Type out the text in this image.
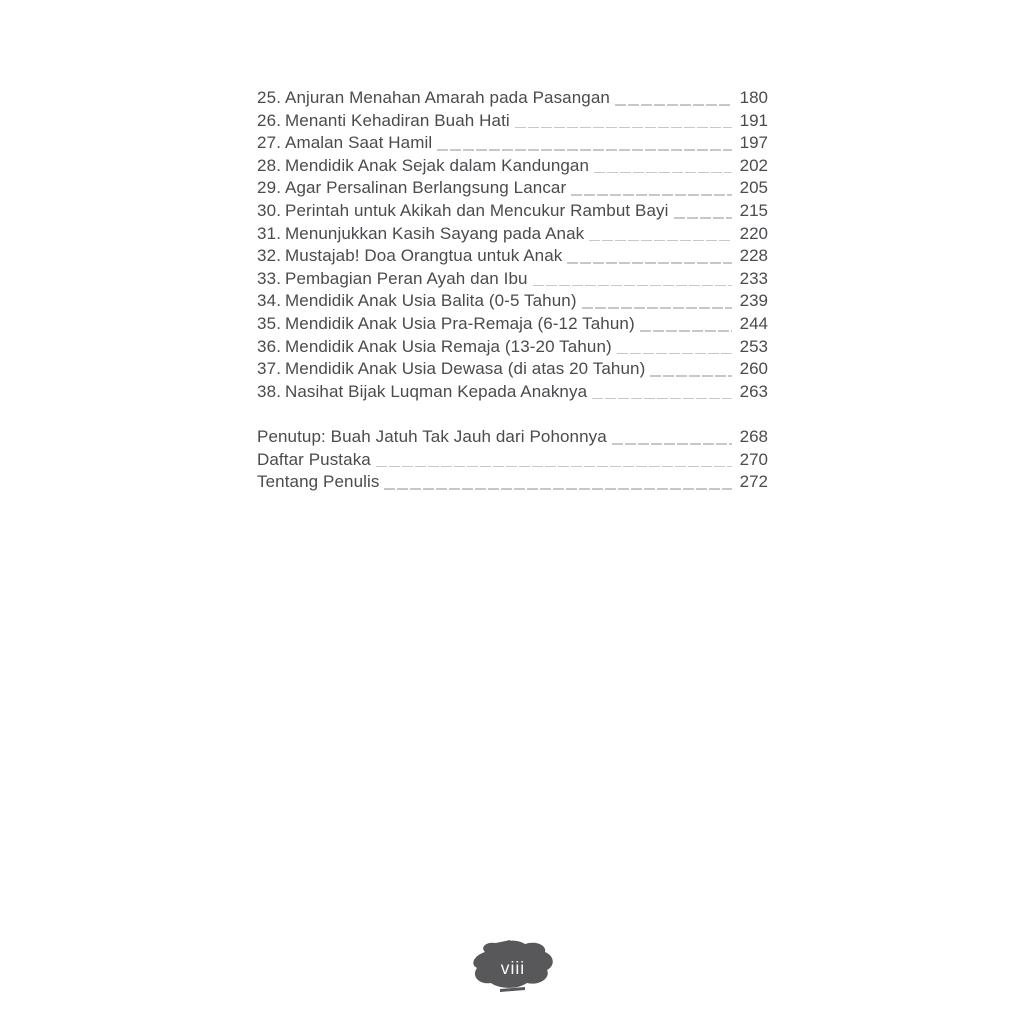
25. Anjuran Menahan Amarah pada Pasangan	180
26. Menanti Kehadiran Buah Hati	191
27. Amalan Saat Hamil	197
28. Mendidik Anak Sejak dalam Kandungan	202
29. Agar Persalinan Berlangsung Lancar	205
30. Perintah untuk Akikah dan Mencukur Rambut Bayi	215
31. Menunjukkan Kasih Sayang pada Anak	220
32. Mustajab! Doa Orangtua untuk Anak	228
33. Pembagian Peran Ayah dan Ibu	233
34. Mendidik Anak Usia Balita (0-5 Tahun)	239
35. Mendidik Anak Usia Pra-Remaja (6-12 Tahun)	244
36. Mendidik Anak Usia Remaja (13-20 Tahun)	253
37. Mendidik Anak Usia Dewasa (di atas 20 Tahun)	260
38. Nasihat Bijak Luqman Kepada Anaknya	263
Penutup: Buah Jatuh Tak Jauh dari Pohonnya	268
Daftar Pustaka	270
Tentang Penulis	272
viii
